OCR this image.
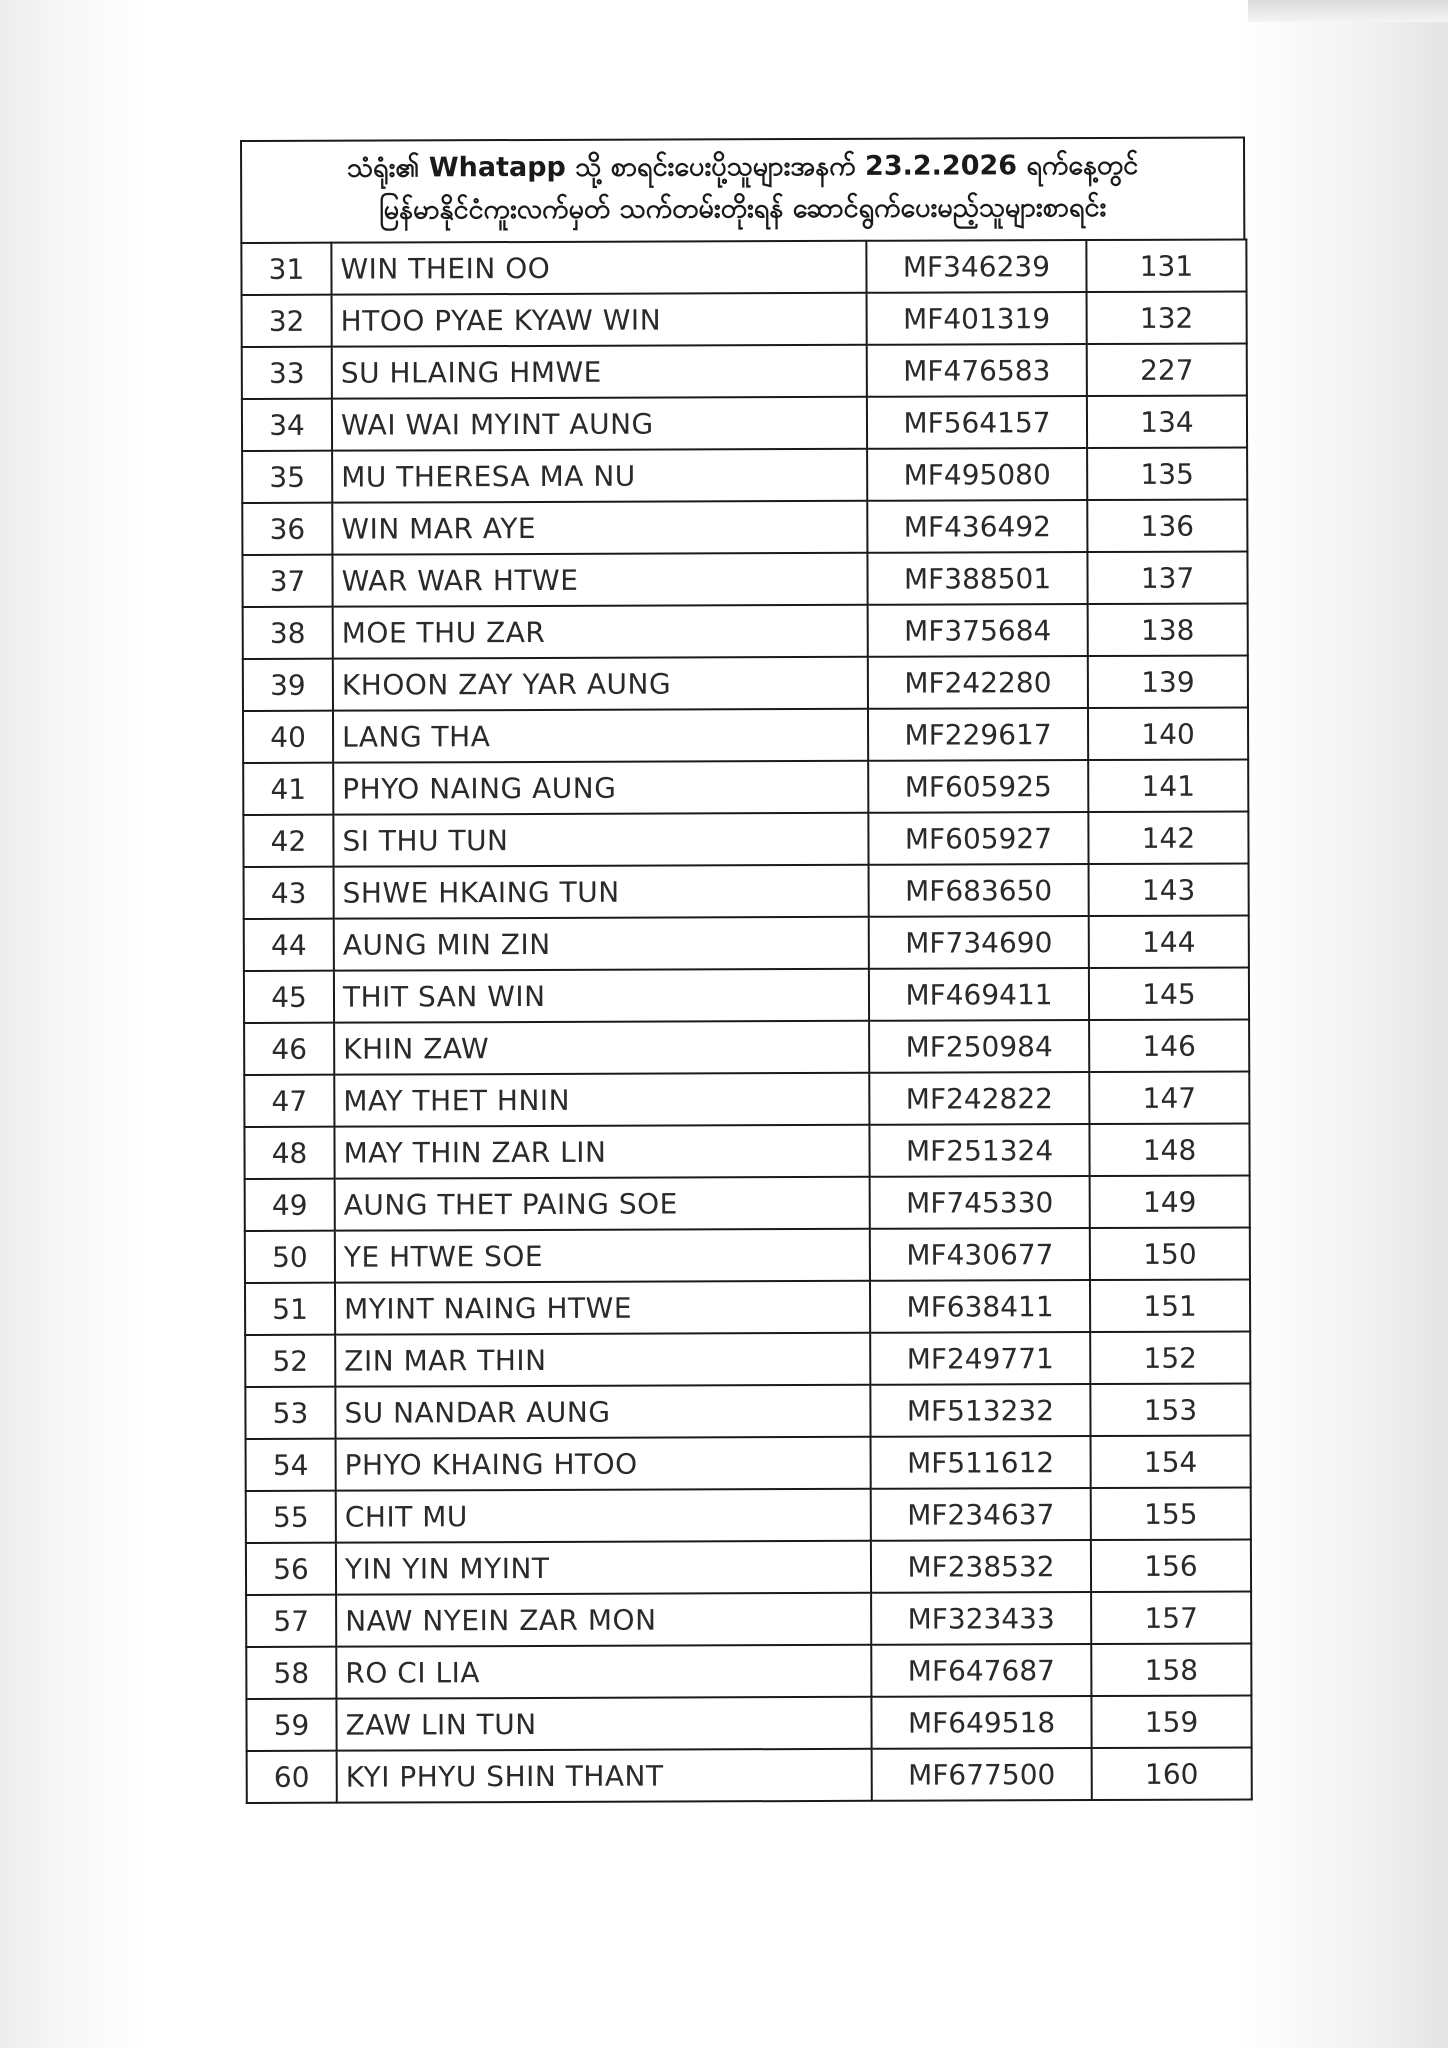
သံရုံး၏ Whatapp သို့ စာရင်းပေးပို့သူများအနက် 23.2.2026 ရက်နေ့တွင်
မြန်မာနိုင်ငံကူးလက်မှတ် သက်တမ်းတိုးရန် ဆောင်ရွက်ပေးမည့်သူများစာရင်း
31	WIN THEIN OO	MF346239	131
32	HTOO PYAE KYAW WIN	MF401319	132
33	SU HLAING HMWE	MF476583	227
34	WAI WAI MYINT AUNG	MF564157	134
35	MU THERESA MA NU	MF495080	135
36	WIN MAR AYE	MF436492	136
37	WAR WAR HTWE	MF388501	137
38	MOE THU ZAR	MF375684	138
39	KHOON ZAY YAR AUNG	MF242280	139
40	LANG THA	MF229617	140
41	PHYO NAING AUNG	MF605925	141
42	SI THU TUN	MF605927	142
43	SHWE HKAING TUN	MF683650	143
44	AUNG MIN ZIN	MF734690	144
45	THIT SAN WIN	MF469411	145
46	KHIN ZAW	MF250984	146
47	MAY THET HNIN	MF242822	147
48	MAY THIN ZAR LIN	MF251324	148
49	AUNG THET PAING SOE	MF745330	149
50	YE HTWE SOE	MF430677	150
51	MYINT NAING HTWE	MF638411	151
52	ZIN MAR THIN	MF249771	152
53	SU NANDAR AUNG	MF513232	153
54	PHYO KHAING HTOO	MF511612	154
55	CHIT MU	MF234637	155
56	YIN YIN MYINT	MF238532	156
57	NAW NYEIN ZAR MON	MF323433	157
58	RO CI LIA	MF647687	158
59	ZAW LIN TUN	MF649518	159
60	KYI PHYU SHIN THANT	MF677500	160
